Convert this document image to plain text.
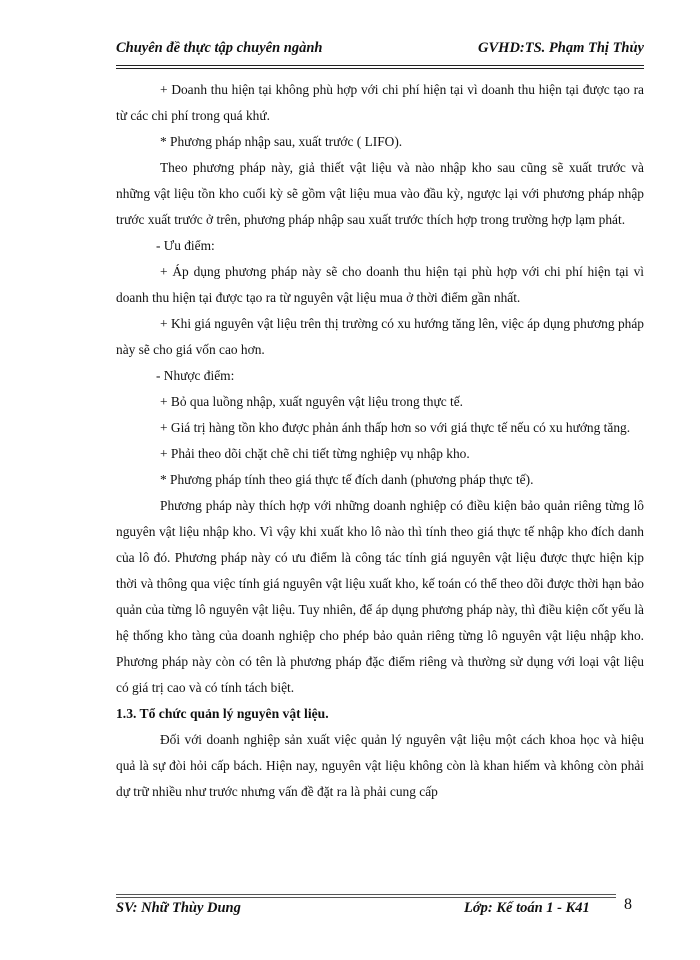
Chuyên đề thực tập chuyên ngành	GVHD:TS. Phạm Thị Thủy

+ Doanh thu hiện tại không phù hợp với chi phí hiện tại vì doanh thu hiện tại được tạo ra từ các chi phí trong quá khứ.

* Phương pháp nhập sau, xuất trước ( LIFO).

Theo phương pháp này, giả thiết vật liệu và nào nhập kho sau cũng sẽ xuất trước và những vật liệu tồn kho cuối kỳ sẽ gồm vật liệu mua vào đầu kỳ, ngược lại với phương pháp nhập trước xuất trước ở trên, phương pháp nhập sau xuất trước thích hợp trong trường hợp lạm phát.

- Ưu điểm:

+ Áp dụng phương pháp này sẽ cho doanh thu hiện tại phù hợp với chi phí hiện tại vì doanh thu hiện tại được tạo ra từ nguyên vật liệu mua ở thời điểm gần nhất.

+ Khi giá nguyên vật liệu trên thị trường có xu hướng tăng lên, việc áp dụng phương pháp này sẽ cho giá vốn cao hơn.

- Nhược điểm:

+ Bỏ qua luồng nhập, xuất nguyên vật liệu trong thực tế.

+ Giá trị hàng tồn kho được phản ánh thấp hơn so với giá thực tế nếu có xu hướng tăng.

+ Phải theo dõi chặt chẽ chi tiết từng nghiệp vụ nhập kho.

* Phương pháp tính theo giá thực tế đích danh (phương pháp thực tế).

Phương pháp này thích hợp với những doanh nghiệp có điều kiện bảo quản riêng từng lô nguyên vật liệu nhập kho. Vì vậy khi xuất kho lô nào thì tính theo giá thực tế nhập kho đích danh của lô đó. Phương pháp này có ưu điểm là công tác tính giá nguyên vật liệu được thực hiện kịp thời và thông qua việc tính giá nguyên vật liệu xuất kho, kế toán có thể theo dõi được thời hạn bảo quản của từng lô nguyên vật liệu. Tuy nhiên, để áp dụng phương pháp này, thì điều kiện cốt yếu là hệ thống kho tàng của doanh nghiệp cho phép bảo quản riêng từng lô nguyên vật liệu nhập kho. Phương pháp này còn có tên là phương pháp đặc điểm riêng và thường sử dụng với loại vật liệu có giá trị cao và có tính tách biệt.

1.3. Tổ chức quản lý nguyên vật liệu.

Đối với doanh nghiệp sản xuất việc quản lý nguyên vật liệu một cách khoa học và hiệu quả là sự đòi hỏi cấp bách. Hiện nay, nguyên vật liệu không còn là khan hiếm và không còn phải dự trữ nhiều như trước nhưng vấn đề đặt ra là phải cung cấp

SV: Nhữ Thùy Dung	Lớp: Kế toán 1 - K41 8
